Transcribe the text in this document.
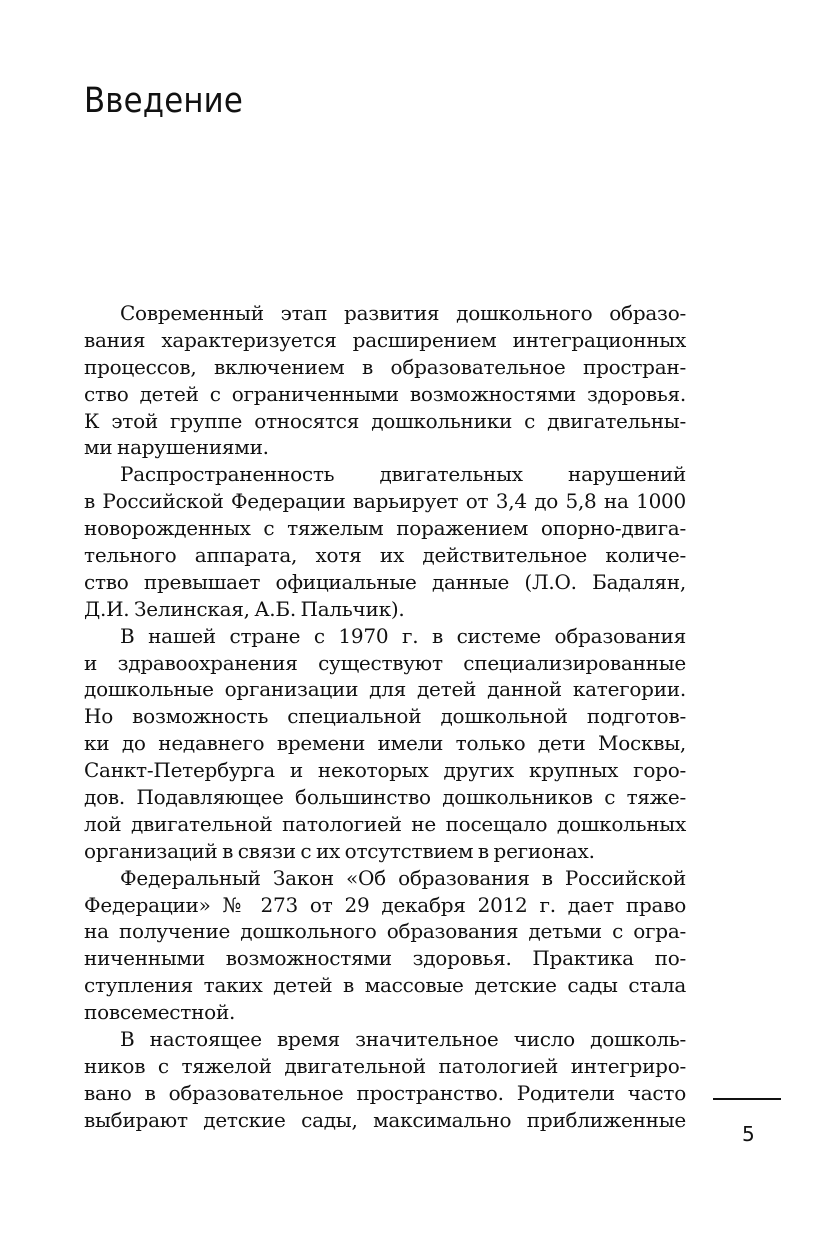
Введение
Современный этап развития дошкольного образо-
вания характеризуется расширением интеграционных
процессов, включением в образовательное простран-
ство детей с ограниченными возможностями здоровья.
К этой группе относятся дошкольники с двигательны-
ми нарушениями.
Распространенность двигательных нарушений
в Российской Федерации варьирует от 3,4 до 5,8 на 1000
новорожденных с тяжелым поражением опорно-двига-
тельного аппарата, хотя их действительное количе-
ство превышает официальные данные (Л.О. Бадалян,
Д.И. Зелинская, А.Б. Пальчик).
В нашей стране с 1970 г. в системе образования
и здравоохранения существуют специализированные
дошкольные организации для детей данной категории.
Но возможность специальной дошкольной подготов-
ки до недавнего времени имели только дети Москвы,
Санкт-Петербурга и некоторых других крупных горо-
дов. Подавляющее большинство дошкольников с тяже-
лой двигательной патологией не посещало дошкольных
организаций в связи с их отсутствием в регионах.
Федеральный Закон «Об образования в Российской
Федерации» № 273 от 29 декабря 2012 г. дает право
на получение дошкольного образования детьми с огра-
ниченными возможностями здоровья. Практика по-
ступления таких детей в массовые детские сады стала
повсеместной.
В настоящее время значительное число дошколь-
ников с тяжелой двигательной патологией интегриро-
вано в образовательное пространство. Родители часто
выбирают детские сады, максимально приближенные
5
